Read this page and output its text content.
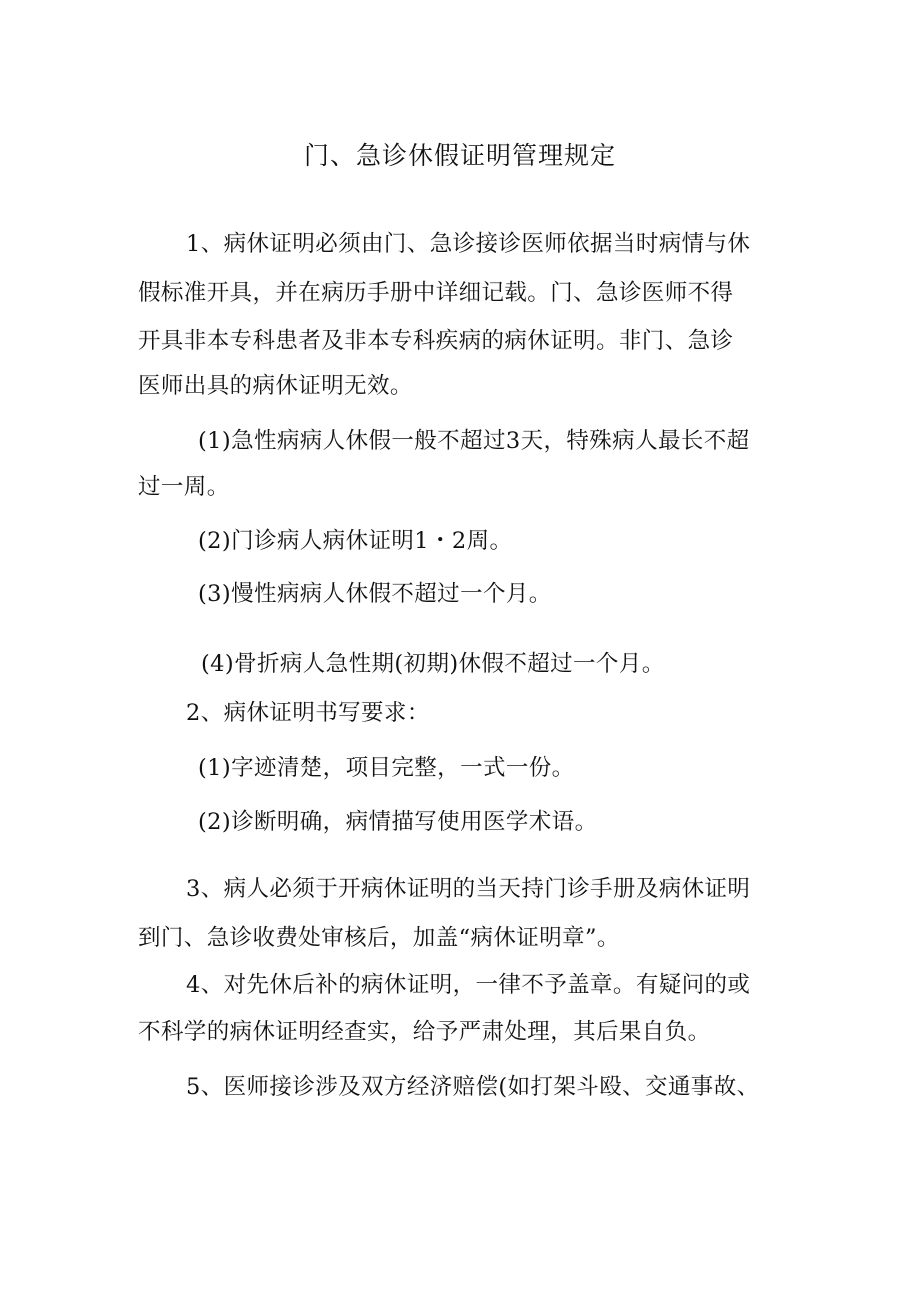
门、急诊休假证明管理规定
1、病休证明必须由门、急诊接诊医师依据当时病情与休
假标准开具，并在病历手册中详细记载。门、急诊医师不得
开具非本专科患者及非本专科疾病的病休证明。非门、急诊
医师出具的病休证明无效。
(1)急性病病人休假一般不超过3天，特殊病人最长不超
过一周。
(2)门诊病人病休证明1・2周。
(3)慢性病病人休假不超过一个月。
(4)骨折病人急性期(初期)休假不超过一个月。
2、病休证明书写要求：
(1)字迹清楚，项目完整，一式一份。
(2)诊断明确，病情描写使用医学术语。
3、病人必须于开病休证明的当天持门诊手册及病休证明
到门、急诊收费处审核后，加盖“病休证明章”。
4、对先休后补的病休证明，一律不予盖章。有疑问的或
不科学的病休证明经查实，给予严肃处理，其后果自负。
5、医师接诊涉及双方经济赔偿(如打架斗殴、交通事故、
